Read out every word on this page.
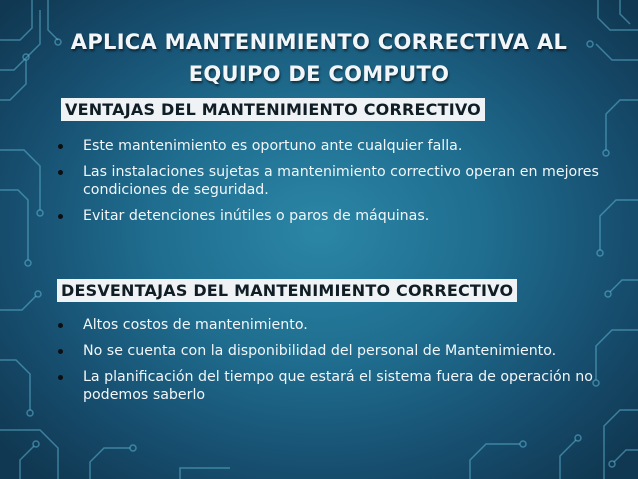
APLICA MANTENIMIENTO CORRECTIVA AL
EQUIPO DE COMPUTO
VENTAJAS DEL MANTENIMIENTO CORRECTIVO
Este mantenimiento es oportuno ante cualquier falla.
Las instalaciones sujetas a mantenimiento correctivo operan en mejores condiciones de seguridad.
Evitar detenciones inútiles o paros de máquinas.
DESVENTAJAS DEL MANTENIMIENTO CORRECTIVO
Altos costos de mantenimiento.
No se cuenta con la disponibilidad del personal de Mantenimiento.
La planificación del tiempo que estará el sistema fuera de operación no podemos saberlo
